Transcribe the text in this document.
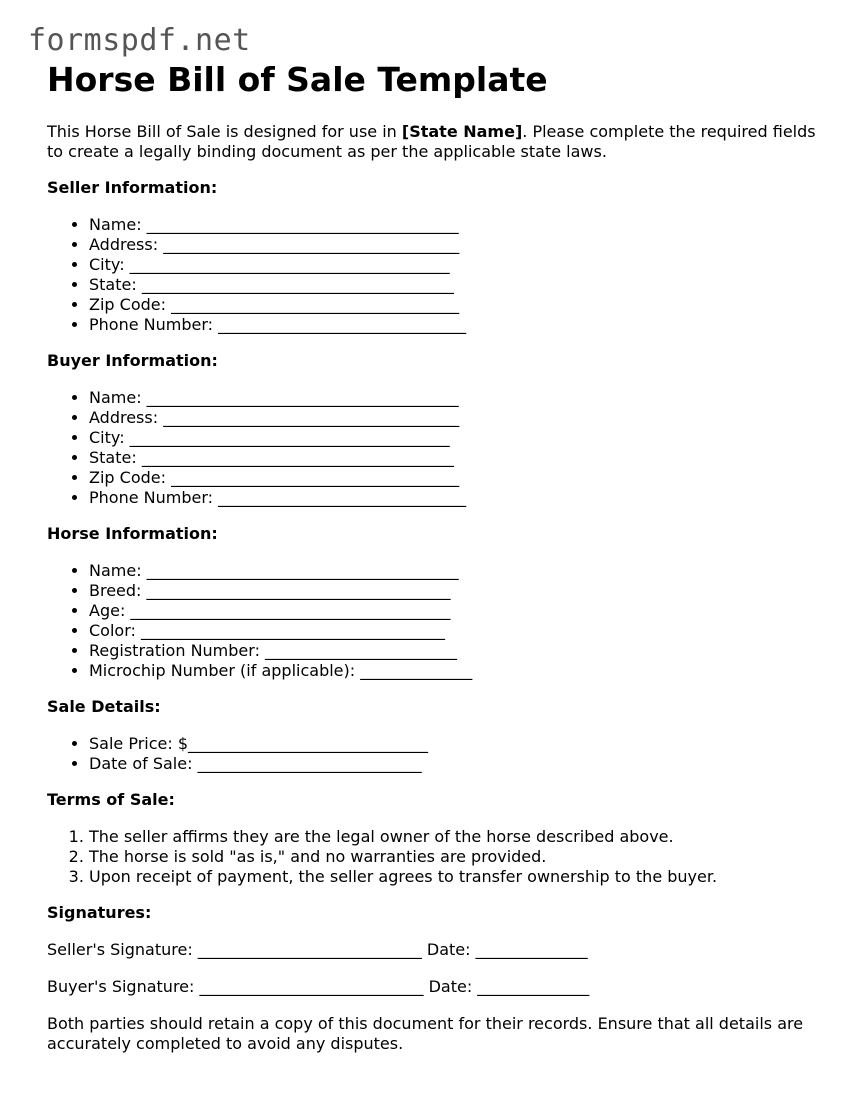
formspdf.net
Horse Bill of Sale Template

This Horse Bill of Sale is designed for use in [State Name]. Please complete the required fields to create a legally binding document as per the applicable state laws.

Seller Information:
• Name: _______________________________________
• Address: _____________________________________
• City: ________________________________________
• State: _______________________________________
• Zip Code: ____________________________________
• Phone Number: _______________________________
Buyer Information:
• Name: _______________________________________
• Address: _____________________________________
• City: ________________________________________
• State: _______________________________________
• Zip Code: ____________________________________
• Phone Number: _______________________________
Horse Information:
• Name: _______________________________________
• Breed: ______________________________________
• Age: ________________________________________
• Color: ______________________________________
• Registration Number: ________________________
• Microchip Number (if applicable): ______________
Sale Details:
• Sale Price: $______________________________
• Date of Sale: ____________________________
Terms of Sale:
1. The seller affirms they are the legal owner of the horse described above.
2. The horse is sold "as is," and no warranties are provided.
3. Upon receipt of payment, the seller agrees to transfer ownership to the buyer.
Signatures:

Seller's Signature: ____________________________ Date: ______________

Buyer's Signature: ____________________________ Date: ______________

Both parties should retain a copy of this document for their records. Ensure that all details are accurately completed to avoid any disputes.
